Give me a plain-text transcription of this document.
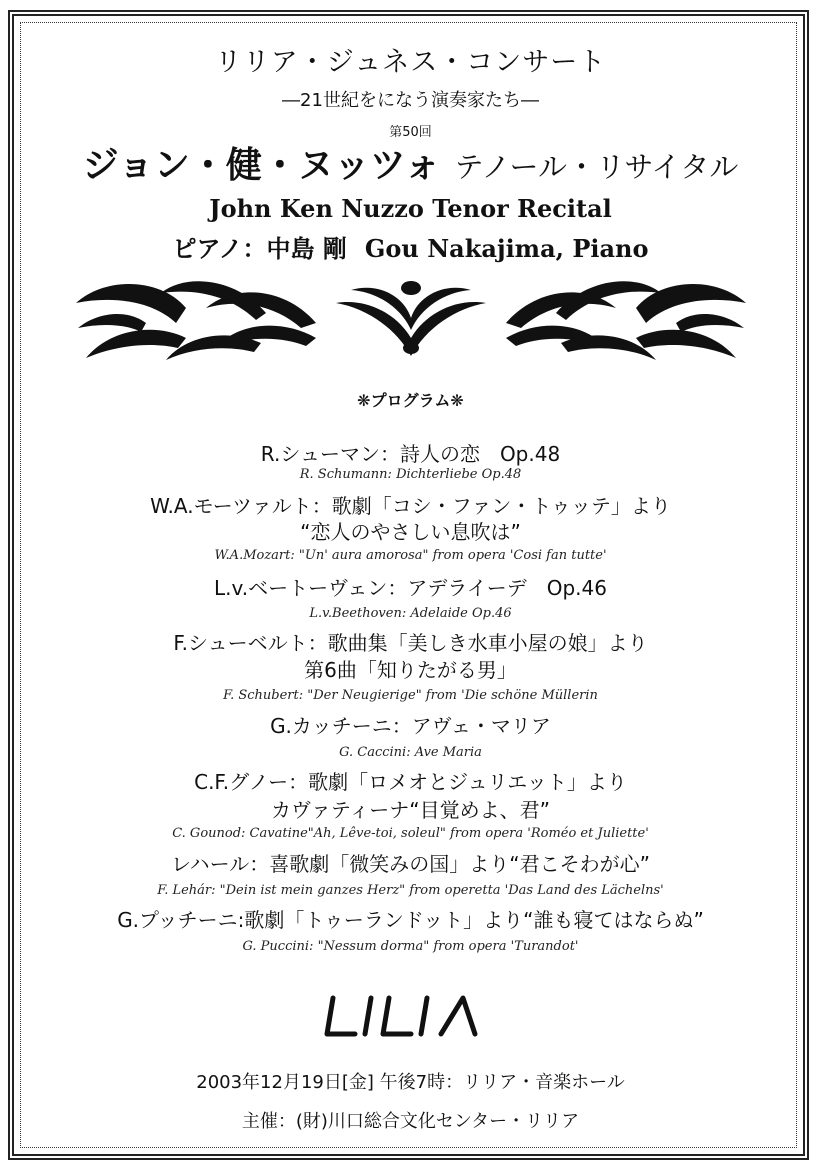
リリア・ジュネス・コンサート
―21世紀をになう演奏家たち―
第50回
ジョン・健・ヌッツォ テノール・リサイタル
John Ken Nuzzo Tenor Recital
ピアノ：中島 剛 Gou Nakajima, Piano
❋プログラム❋
R.シューマン：詩人の恋　Op.48
R. Schumann: Dichterliebe Op.48
W.A.モーツァルト：歌劇「コシ・ファン・トゥッテ」より
“恋人のやさしい息吹は”
W.A.Mozart: "Un' aura amorosa" from opera 'Cosi fan tutte'
L.v.ベートーヴェン：アデライーデ　Op.46
L.v.Beethoven: Adelaide Op.46
F.シューベルト：歌曲集「美しき水車小屋の娘」より
第6曲「知りたがる男」
F. Schubert: "Der Neugierige" from 'Die schöne Müllerin
G.カッチーニ：アヴェ・マリア
G. Caccini: Ave Maria
C.F.グノー：歌劇「ロメオとジュリエット」より
カヴァティーナ“目覚めよ、君”
C. Gounod: Cavatine"Ah, Lêve-toi, soleul" from opera 'Roméo et Juliette'
レハール：喜歌劇「微笑みの国」より“君こそわが心”
F. Lehár: "Dein ist mein ganzes Herz" from operetta 'Das Land des Lächelns'
G.プッチーニ:歌劇「トゥーランドット」より“誰も寝てはならぬ”
G. Puccini: "Nessum dorma" from opera 'Turandot'
2003年12月19日[金] 午後7時：リリア・音楽ホール
主催：(財)川口総合文化センター・リリア
